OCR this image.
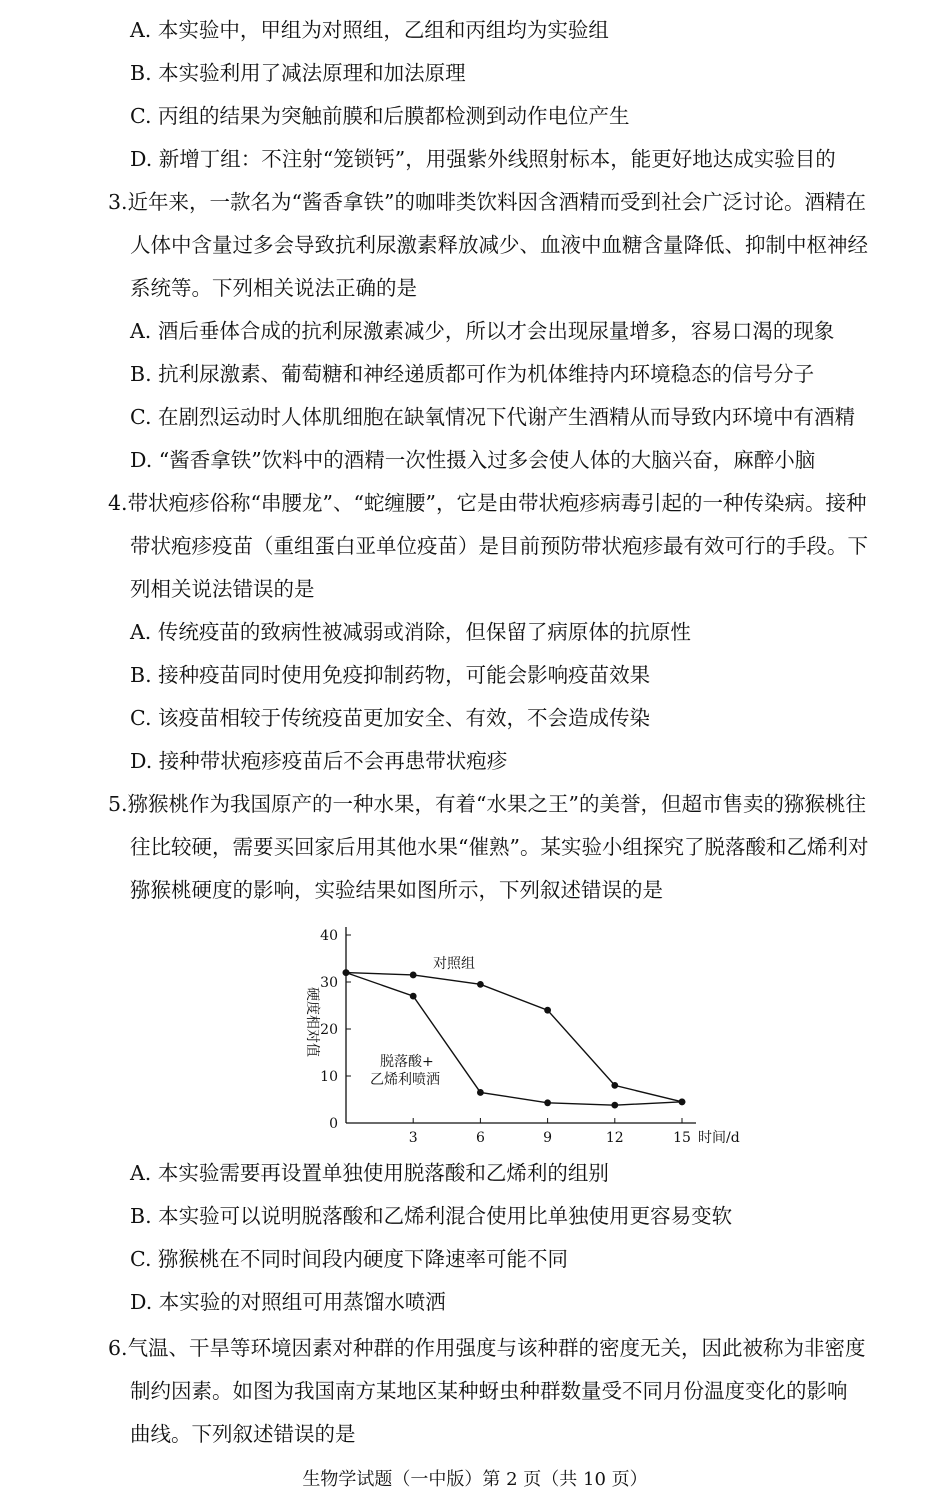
A. 本实验中，甲组为对照组，乙组和丙组均为实验组
B. 本实验利用了减法原理和加法原理
C. 丙组的结果为突触前膜和后膜都检测到动作电位产生
D. 新增丁组：不注射“笼锁钙”，用强紫外线照射标本，能更好地达成实验目的
3.近年来，一款名为“酱香拿铁”的咖啡类饮料因含酒精而受到社会广泛讨论。酒精在
人体中含量过多会导致抗利尿激素释放减少、血液中血糖含量降低、抑制中枢神经
系统等。下列相关说法正确的是
A. 酒后垂体合成的抗利尿激素减少，所以才会出现尿量增多，容易口渴的现象
B. 抗利尿激素、葡萄糖和神经递质都可作为机体维持内环境稳态的信号分子
C. 在剧烈运动时人体肌细胞在缺氧情况下代谢产生酒精从而导致内环境中有酒精
D. “酱香拿铁”饮料中的酒精一次性摄入过多会使人体的大脑兴奋，麻醉小脑
4.带状疱疹俗称“串腰龙”、“蛇缠腰”，它是由带状疱疹病毒引起的一种传染病。接种
带状疱疹疫苗（重组蛋白亚单位疫苗）是目前预防带状疱疹最有效可行的手段。下
列相关说法错误的是
A. 传统疫苗的致病性被减弱或消除，但保留了病原体的抗原性
B. 接种疫苗同时使用免疫抑制药物，可能会影响疫苗效果
C. 该疫苗相较于传统疫苗更加安全、有效，不会造成传染
D. 接种带状疱疹疫苗后不会再患带状疱疹
5.猕猴桃作为我国原产的一种水果，有着“水果之王”的美誉，但超市售卖的猕猴桃往
往比较硬，需要买回家后用其他水果“催熟”。某实验小组探究了脱落酸和乙烯利对
猕猴桃硬度的影响，实验结果如图所示，下列叙述错误的是
0
10
20
30
40
3	6	9	12	15
硬度相对值
时间/d
对照组
脱落酸+
乙烯利喷洒
A. 本实验需要再设置单独使用脱落酸和乙烯利的组别
B. 本实验可以说明脱落酸和乙烯利混合使用比单独使用更容易变软
C. 猕猴桃在不同时间段内硬度下降速率可能不同
D. 本实验的对照组可用蒸馏水喷洒
6.气温、干旱等环境因素对种群的作用强度与该种群的密度无关，因此被称为非密度
制约因素。如图为我国南方某地区某种蚜虫种群数量受不同月份温度变化的影响
曲线。下列叙述错误的是
生物学试题（一中版）第 2 页（共 10 页）
